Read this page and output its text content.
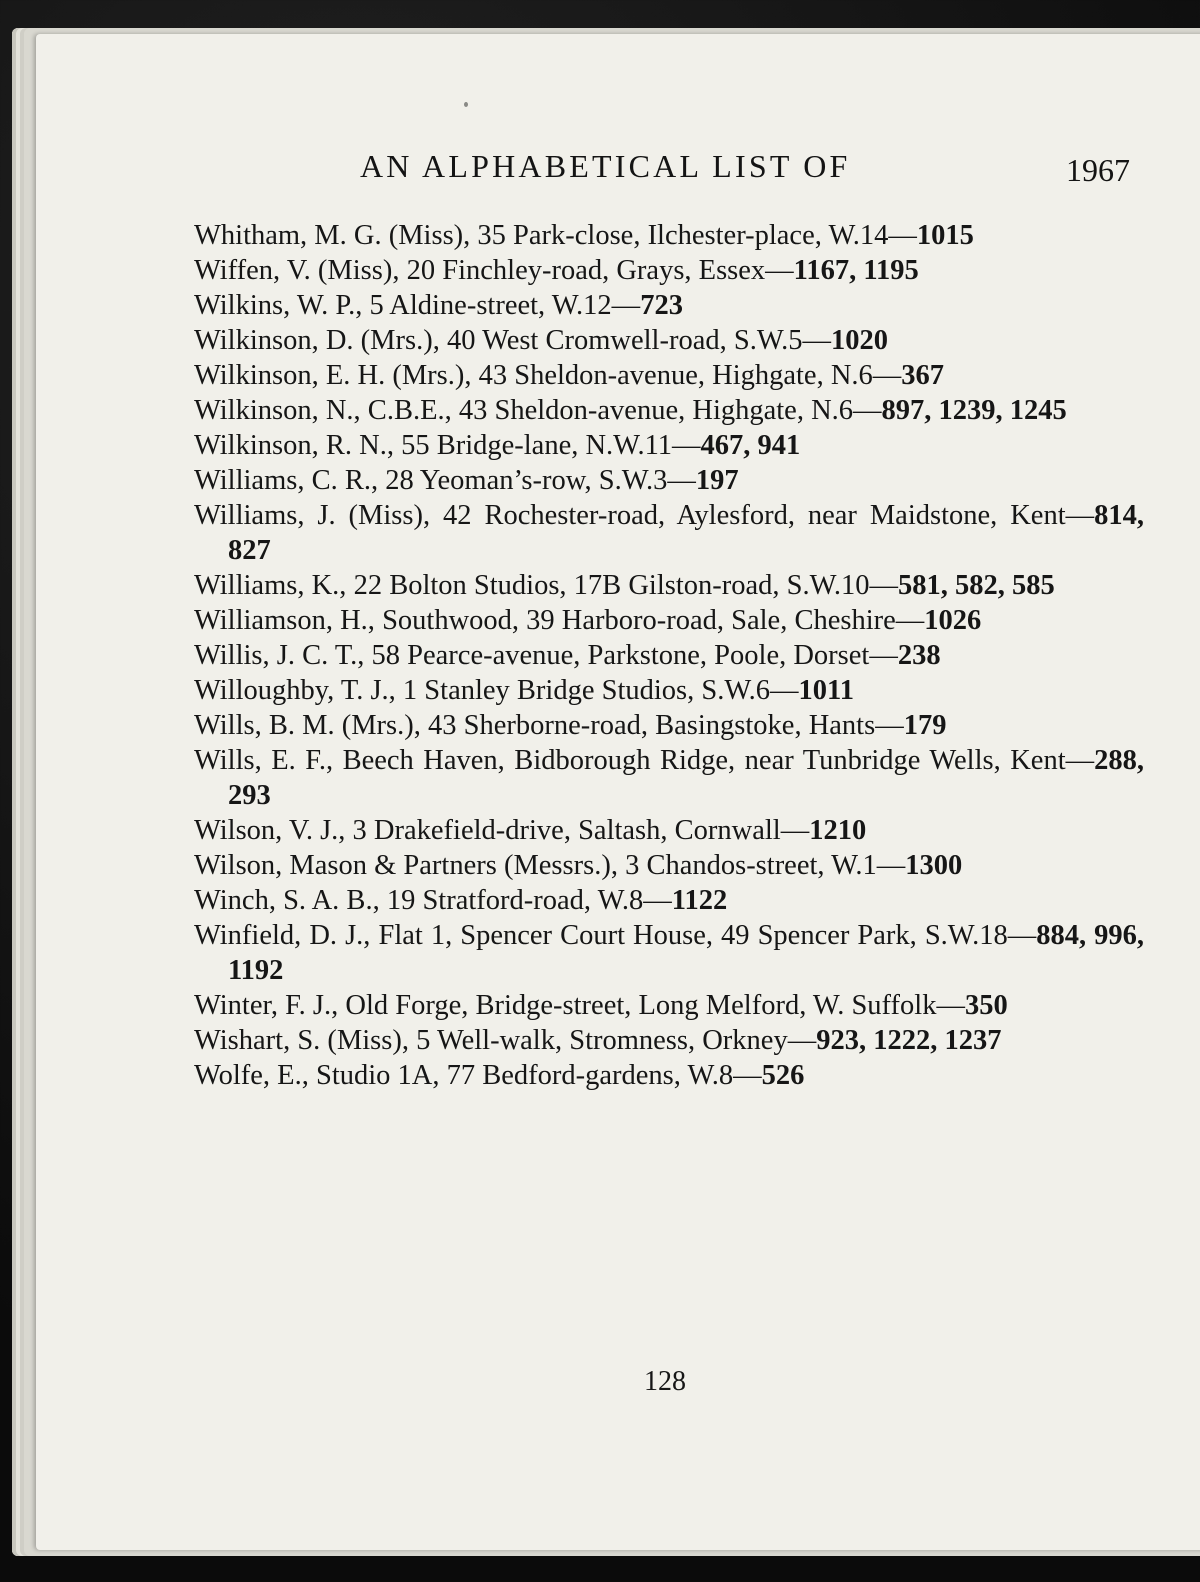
AN ALPHABETICAL LIST OF	1967
Whitham, M. G. (Miss), 35 Park-close, Ilchester-place, W.14—1015
Wiffen, V. (Miss), 20 Finchley-road, Grays, Essex—1167, 1195
Wilkins, W. P., 5 Aldine-street, W.12—723
Wilkinson, D. (Mrs.), 40 West Cromwell-road, S.W.5—1020
Wilkinson, E. H. (Mrs.), 43 Sheldon-avenue, Highgate, N.6—367
Wilkinson, N., C.B.E., 43 Sheldon-avenue, Highgate, N.6—897, 1239, 1245
Wilkinson, R. N., 55 Bridge-lane, N.W.11—467, 941
Williams, C. R., 28 Yeoman’s-row, S.W.3—197
Williams, J. (Miss), 42 Rochester-road, Aylesford, near Maidstone, Kent—814, 827
Williams, K., 22 Bolton Studios, 17B Gilston-road, S.W.10—581, 582, 585
Williamson, H., Southwood, 39 Harboro-road, Sale, Cheshire—1026
Willis, J. C. T., 58 Pearce-avenue, Parkstone, Poole, Dorset—238
Willoughby, T. J., 1 Stanley Bridge Studios, S.W.6—1011
Wills, B. M. (Mrs.), 43 Sherborne-road, Basingstoke, Hants—179
Wills, E. F., Beech Haven, Bidborough Ridge, near Tunbridge Wells, Kent—288, 293
Wilson, V. J., 3 Drakefield-drive, Saltash, Cornwall—1210
Wilson, Mason & Partners (Messrs.), 3 Chandos-street, W.1—1300
Winch, S. A. B., 19 Stratford-road, W.8—1122
Winfield, D. J., Flat 1, Spencer Court House, 49 Spencer Park, S.W.18—884, 996, 1192
Winter, F. J., Old Forge, Bridge-street, Long Melford, W. Suffolk—350
Wishart, S. (Miss), 5 Well-walk, Stromness, Orkney—923, 1222, 1237
Wolfe, E., Studio 1A, 77 Bedford-gardens, W.8—526
128
